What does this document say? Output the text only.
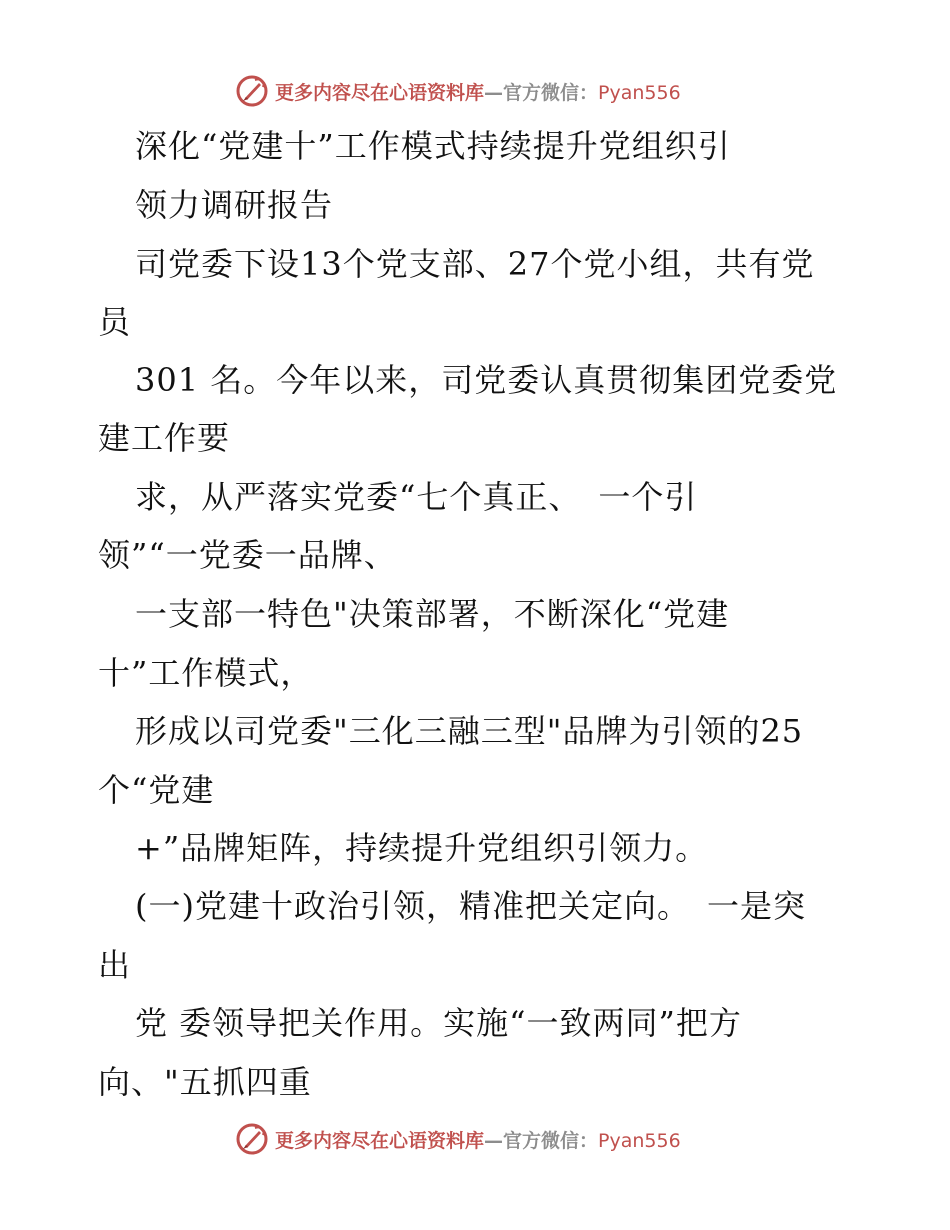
更多内容尽在心语资料库—官方微信：Pyan556
深化“党建十”工作模式持续提升党组织引
领力调研报告
司党委下设13个党支部、27个党小组，共有党
员
301 名。今年以来，司党委认真贯彻集团党委党
建工作要
求，从严落实党委“七个真正、　一个引
领”“一党委一品牌、
一支部一特色"决策部署，不断深化“党建
十”工作模式，
形成以司党委"三化三融三型"品牌为引领的25
个“党建
+”品牌矩阵，持续提升党组织引领力。
(一)党建十政治引领，精准把关定向。　一是突
出
党 委领导把关作用。实施“一致两同”把方
向、"五抓四重
更多内容尽在心语资料库—官方微信：Pyan556
